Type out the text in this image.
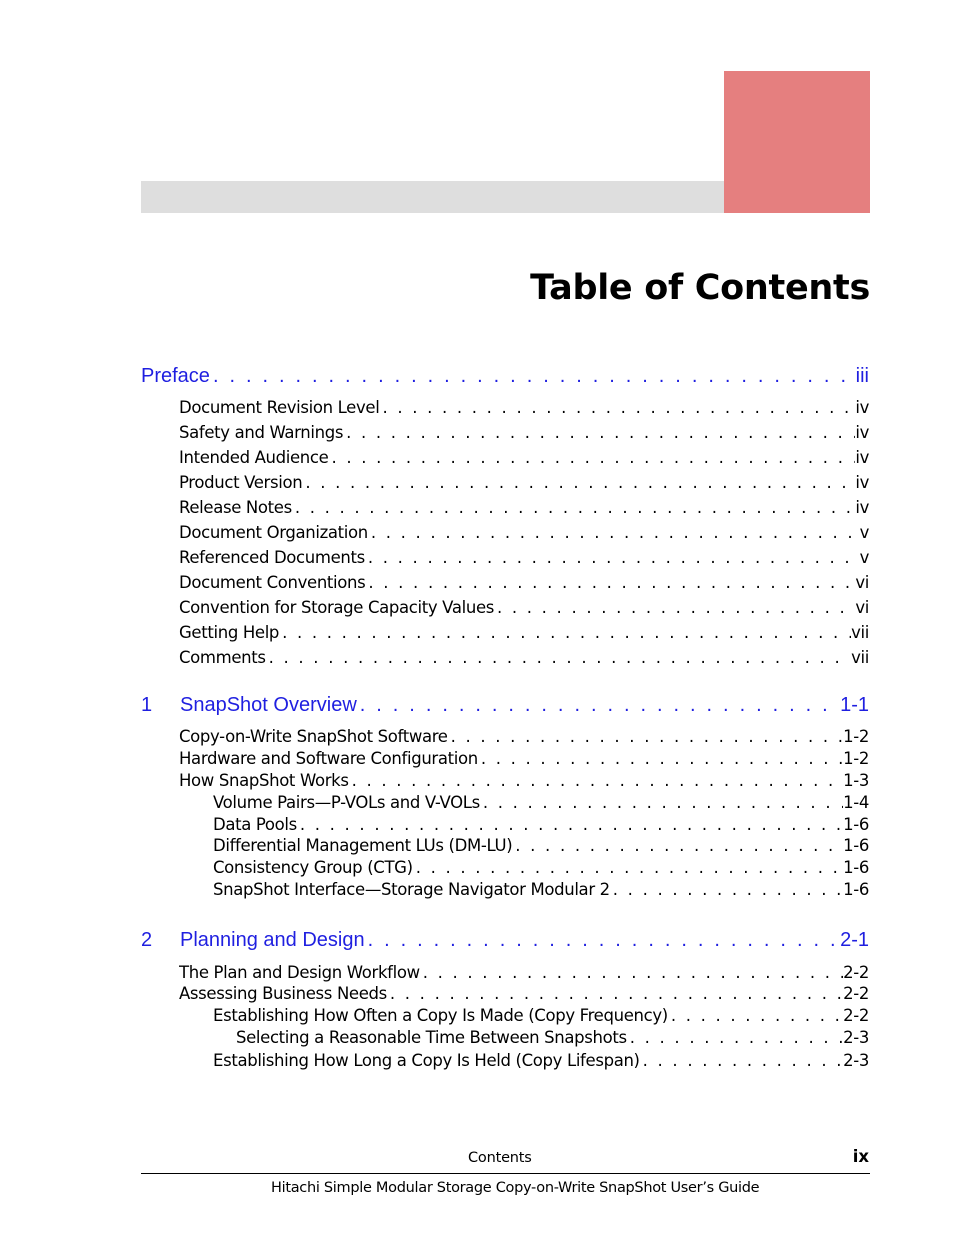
Table of Contents
Preface . . .	iii
Document Revision Level . . .	iv
Safety and Warnings . . .	iv
Intended Audience . . .	iv
Product Version . . .	iv
Release Notes . . .	iv
Document Organization . . .	v
Referenced Documents . . .	v
Document Conventions . . .	vi
Convention for Storage Capacity Values . . .	vi
Getting Help . . .	vii
Comments . . .	vii
1	SnapShot Overview . . .	1-1
Copy-on-Write SnapShot Software . . .	1-2
Hardware and Software Configuration . . .	1-2
How SnapShot Works . . .	1-3
Volume Pairs—P-VOLs and V-VOLs . . .	1-4
Data Pools . . .	1-6
Differential Management LUs (DM-LU) . . .	1-6
Consistency Group (CTG) . . .	1-6
SnapShot Interface—Storage Navigator Modular 2 . . .	1-6
2	Planning and Design . . .	2-1
The Plan and Design Workflow . . .	2-2
Assessing Business Needs . . .	2-2
Establishing How Often a Copy Is Made (Copy Frequency) . . .	2-2
Selecting a Reasonable Time Between Snapshots . . .	2-3
Establishing How Long a Copy Is Held (Copy Lifespan) . . .	2-3
Contents	ix
Hitachi Simple Modular Storage Copy-on-Write SnapShot User’s Guide
